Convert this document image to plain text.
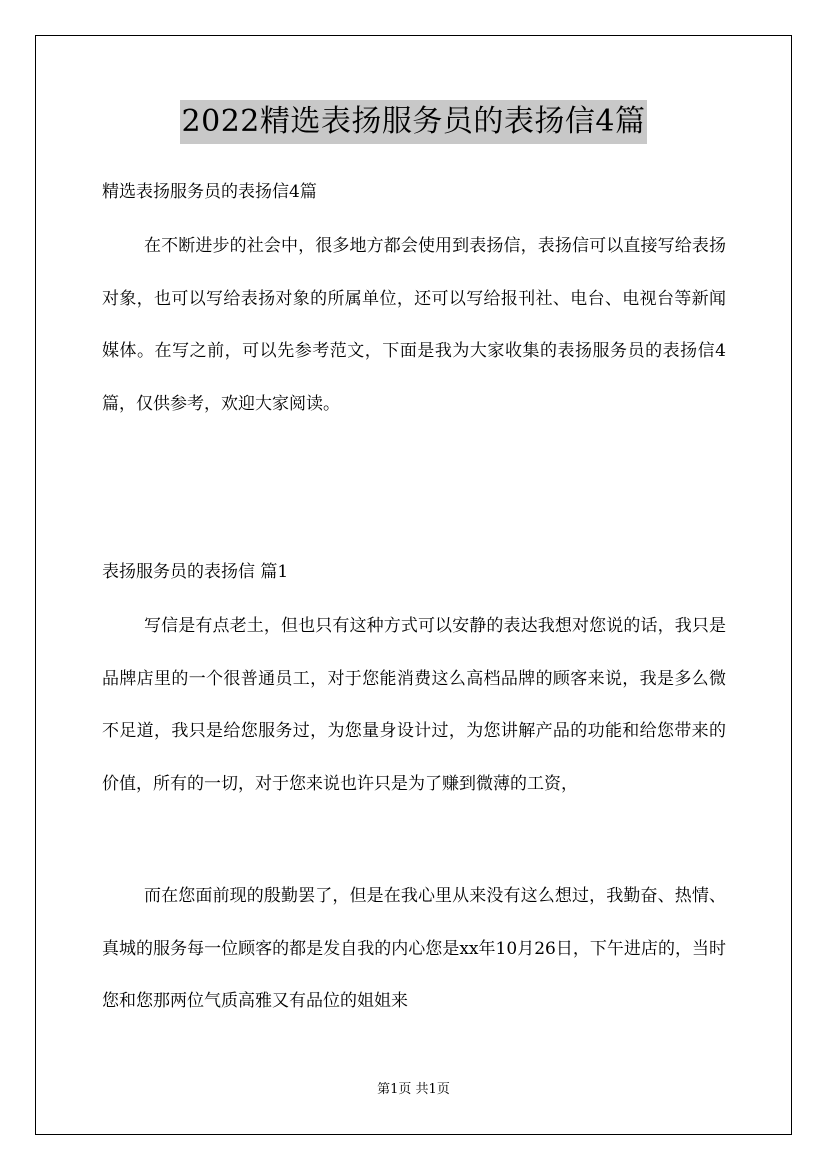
2022精选表扬服务员的表扬信4篇
精选表扬服务员的表扬信4篇

在不断进步的社会中，很多地方都会使用到表扬信，表扬信可以直接写给表扬对象，也可以写给表扬对象的所属单位，还可以写给报刊社、电台、电视台等新闻媒体。在写之前，可以先参考范文，下面是我为大家收集的表扬服务员的表扬信4篇，仅供参考，欢迎大家阅读。

表扬服务员的表扬信 篇1

写信是有点老土，但也只有这种方式可以安静的表达我想对您说的话，我只是品牌店里的一个很普通员工，对于您能消费这么高档品牌的顾客来说，我是多么微不足道，我只是给您服务过，为您量身设计过，为您讲解产品的功能和给您带来的价值，所有的一切，对于您来说也许只是为了赚到微薄的工资，

而在您面前现的殷勤罢了，但是在我心里从来没有这么想过，我勤奋、热情、真城的服务每一位顾客的都是发自我的内心您是xx年10月26日，下午进店的，当时您和您那两位气质高雅又有品位的姐姐来

第1页 共1页
